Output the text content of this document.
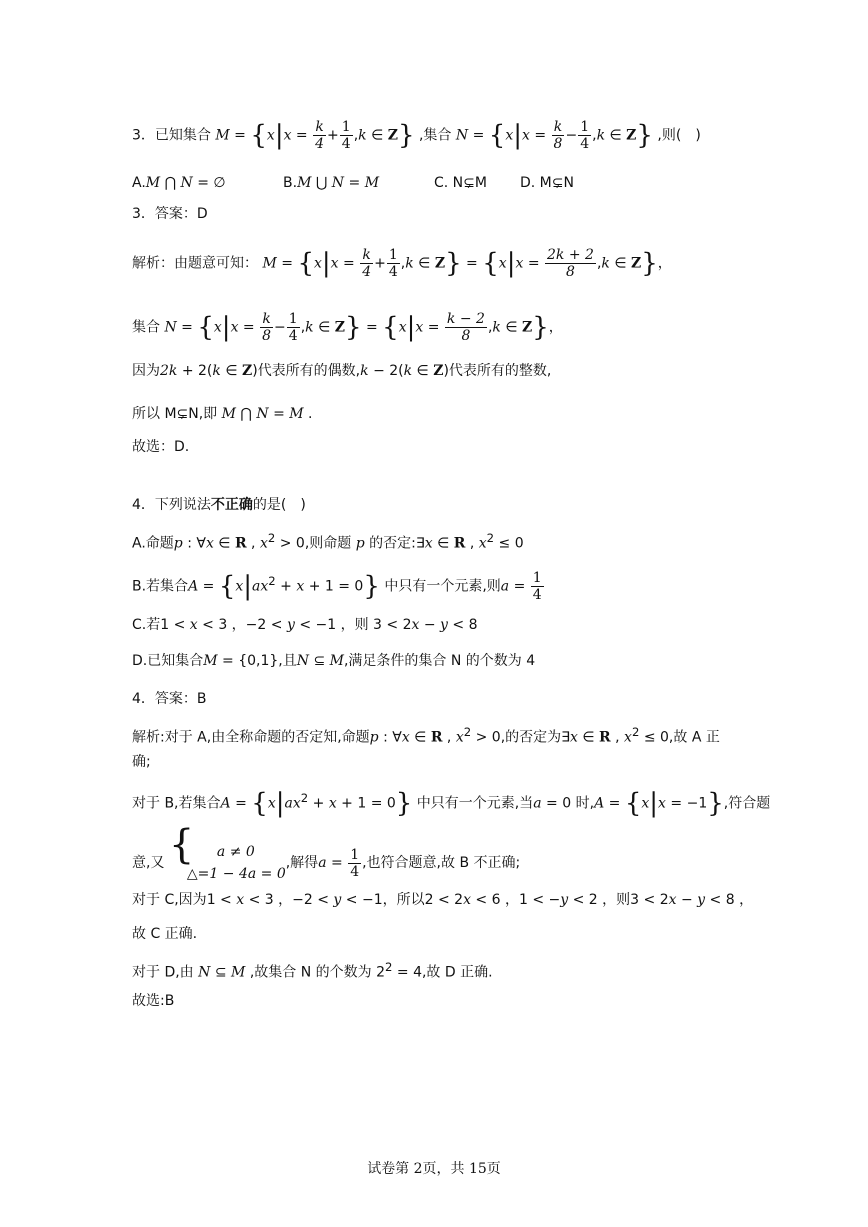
3．已知集合 $M = \{x|x = \frac{k}{4} + \frac{1}{4} ,k$ ∈ Z} ,集合 $N = \{x|x = \frac{k}{8} - \frac{1}{4} ,k$ ∈ Z} ,则(　)
A.M ⋂ N = ∅	B.M ⋃ N = M	C. N⊊M D. M⊊N
3．答案：D
解析：由题意可知： $M = \{x|x = \frac{k}{4} + \frac{1}{4} ,k$ ∈ $Z\} = \{x|x = \frac{2k + 2}{8} ,k$ ∈ Z}，
集合 $N = \{x|x = \frac{k}{8} - \frac{1}{4} ,k$ ∈ $Z\} = \{x|x = \frac{k - 2}{8} ,k$ ∈ Z}，
因为2k + 2(k ∈ Z)代表所有的偶数,k − 2(k ∈ Z)代表所有的整数,
所以 M⊊N,即 M ⋂ N = M .
故选：D.
4．下列说法不正确的是(　)
A.命题p : ∀x ∈ R , $x^2 > 0$,则命题 p 的否定:∃x ∈ R , $x^2 \le 0$
B.若集合$A = \{x|ax^2 + x + 1 = 0\}$ 中只有一个元素,则$a = \frac{1}{4}$
C.若1 < x < 3 ，−2 < y < −1 ，则 3 < 2x − y < 8
D.已知集合M = {0,1},且N ⊆ M,满足条件的集合 N 的个数为 4
4．答案：B
解析:对于 A,由全称命题的否定知,命题p : ∀x ∈ R , $x^2 > 0$,的否定为∃x ∈ R , $x^2 \le 0$,故 A 正
确;
对于 B,若集合$A = \{x|ax^2 + x + 1 = 0\}$ 中只有一个元素,当a = 0 时,A = {x|x = −1},符合题
意,又 {	a ≠ 0
△=1 − 4a = 0
,解得$a = \frac{1}{4}$ ,也符合题意,故 B 不正确;
对于 C,因为1 < x < 3 ，−2 < y < −1，所以2 < 2x < 6 ，1 < −y < 2 ，则3 < 2x − y < 8 ，
故 C 正确.
对于 D,由 N ⊆ M ,故集合 N 的个数为 $2^2 = 4$,故 D 正确.
故选:B
试卷第 2页，共 15页
